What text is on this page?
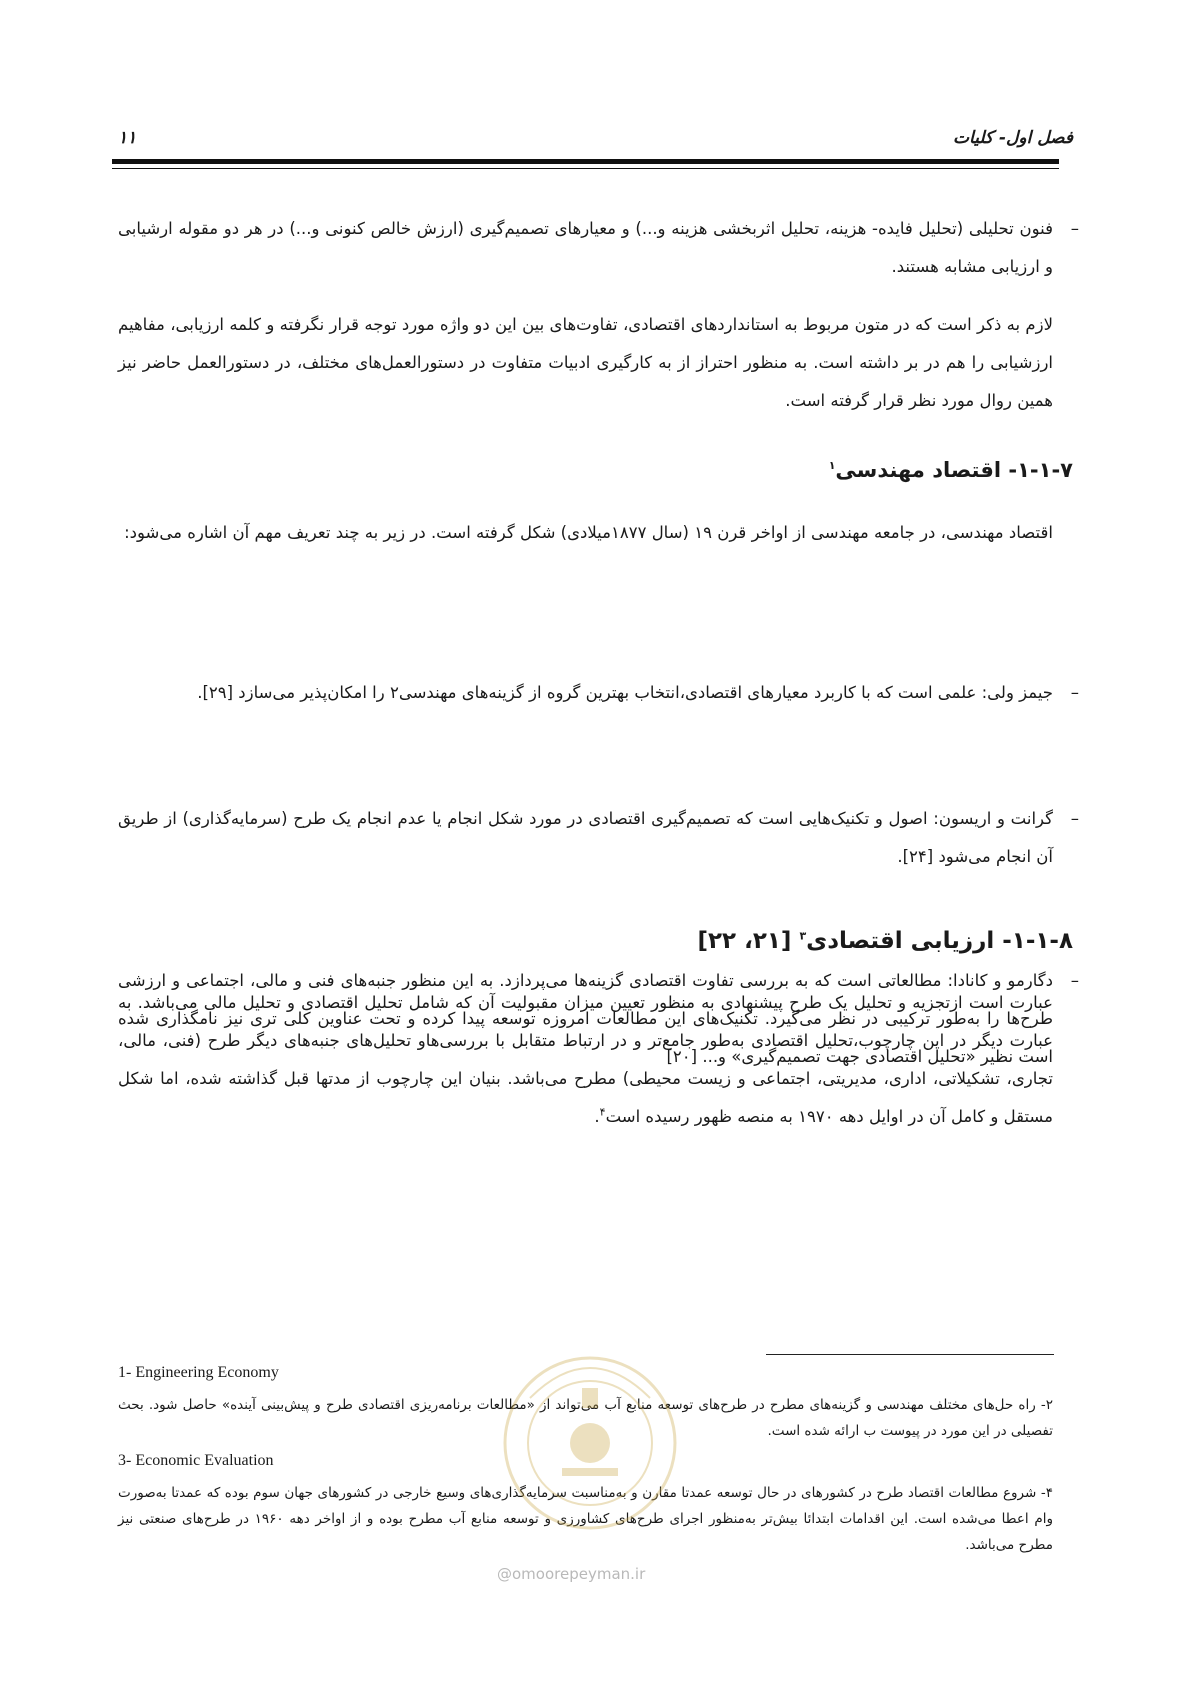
فصل اول- کلیات
۱۱
–
فنون تحلیلی (تحلیل فایده- هزینه، تحلیل اثربخشی هزینه و...) و معیارهای تصمیم‌گیری (ارزش خالص کنونی و...) در هر دو مقوله ارشیابی و ارزیابی مشابه هستند.
لازم به ذکر است که در متون مربوط به استانداردهای اقتصادی، تفاوت‌های بین این دو واژه مورد توجه قرار نگرفته و کلمه ارزیابی، مفاهیم ارزشیابی را هم در بر داشته است. به منظور احتراز از به کارگیری ادبیات متفاوت در دستورالعمل‌های مختلف، در دستورالعمل حاضر نیز همین روال مورد نظر قرار گرفته است.
۱-۱-۷- اقتصاد مهندسی$^۱$
اقتصاد مهندسی، در جامعه مهندسی از اواخر قرن ۱۹ (سال ۱۸۷۷میلادی) شکل گرفته است. در زیر به چند تعریف مهم آن اشاره می‌شود:
–
جیمز ولی: علمی است که با کاربرد معیارهای اقتصادی،انتخاب بهترین گروه از گزینه‌های مهندسی۲ را امکان‌پذیر می‌سازد [۲۹].
–
گرانت و اریسون: اصول و تکنیک‌هایی است که تصمیم‌گیری اقتصادی در مورد شکل انجام یا عدم انجام یک طرح (سرمایه‌گذاری) از طریق آن انجام می‌شود [۲۴].
–
دگارمو و کانادا: مطالعاتی است که به بررسی تفاوت اقتصادی گزینه‌ها می‌پردازد. به این منظور جنبه‌های فنی و مالی، اجتماعی و ارزشی طرح‌ها را به‌طور ترکیبی در نظر می‌گیرد. تکنیک‌های این مطالعات امروزه توسعه پیدا کرده و تحت عناوین کلی تری نیز نامگذاری شده است نظیر «تحلیل اقتصادی جهت تصمیم‌گیری» و... [۲۰]
۱-۱-۸- ارزیابی اقتصادی$^۳$ [۲۱، ۲۲]
عبارت است ازتجزیه و تحلیل یک طرح پیشنهادی به منظور تعیین میزان مقبولیت آن که شامل تحلیل اقتصادی و تحلیل مالی می‌باشد. به عبارت دیگر در این چارچوب،تحلیل اقتصادی به‌طور جامع‌تر و در ارتباط متقابل با بررسی‌هاو تحلیل‌های جنبه‌های دیگر طرح (فنی، مالی، تجاری، تشکیلاتی، اداری، مدیریتی، اجتماعی و زیست محیطی) مطرح می‌باشد. بنیان این چارچوب از مدتها قبل گذاشته شده، اما شکل مستقل و کامل آن در اوایل دهه ۱۹۷۰ به منصه ظهور رسیده است$^۴$.
1- Engineering Economy
۲- راه حل‌های مختلف مهندسی و گزینه‌های مطرح در طرح‌های توسعه منابع آب می‌تواند از «مطالعات برنامه‌ریزی اقتصادی طرح و پیش‌بینی آینده» حاصل شود. بحث تفصیلی در این مورد در پیوست ب ارائه شده است.
3- Economic Evaluation
۴- شروع مطالعات اقتصاد طرح در کشورهای در حال توسعه عمدتا مقارن و به‌مناسبت سرمایه‌گذاری‌های وسیع خارجی در کشورهای جهان سوم بوده که عمدتا به‌صورت وام اعطا می‌شده است. این اقدامات ابتدائا بیش‌تر به‌منظور اجرای طرح‌های کشاورزی و توسعه منابع آب مطرح بوده و از اواخر دهه ۱۹۶۰ در طرح‌های صنعتی نیز مطرح می‌باشد.
@omoorepeyman.ir
